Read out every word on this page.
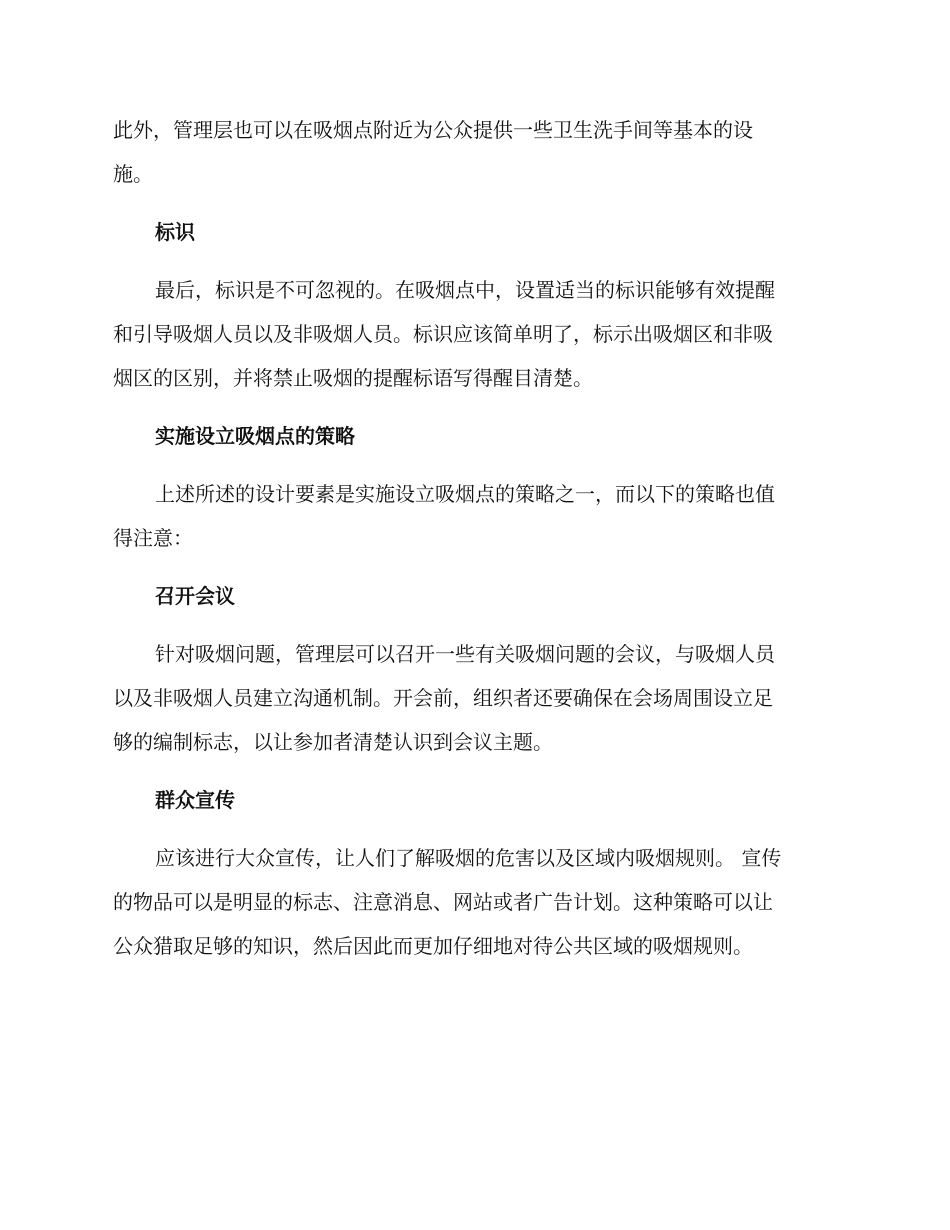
此外，管理层也可以在吸烟点附近为公众提供一些卫生洗手间等基本的设
施。

标识

最后，标识是不可忽视的。在吸烟点中，设置适当的标识能够有效提醒
和引导吸烟人员以及非吸烟人员。标识应该简单明了，标示出吸烟区和非吸
烟区的区别，并将禁止吸烟的提醒标语写得醒目清楚。

实施设立吸烟点的策略

上述所述的设计要素是实施设立吸烟点的策略之一，而以下的策略也值
得注意：

召开会议

针对吸烟问题，管理层可以召开一些有关吸烟问题的会议，与吸烟人员
以及非吸烟人员建立沟通机制。开会前，组织者还要确保在会场周围设立足
够的编制标志，以让参加者清楚认识到会议主题。

群众宣传

应该进行大众宣传，让人们了解吸烟的危害以及区域内吸烟规则。 宣传
的物品可以是明显的标志、注意消息、网站或者广告计划。这种策略可以让
公众猎取足够的知识，然后因此而更加仔细地对待公共区域的吸烟规则。
